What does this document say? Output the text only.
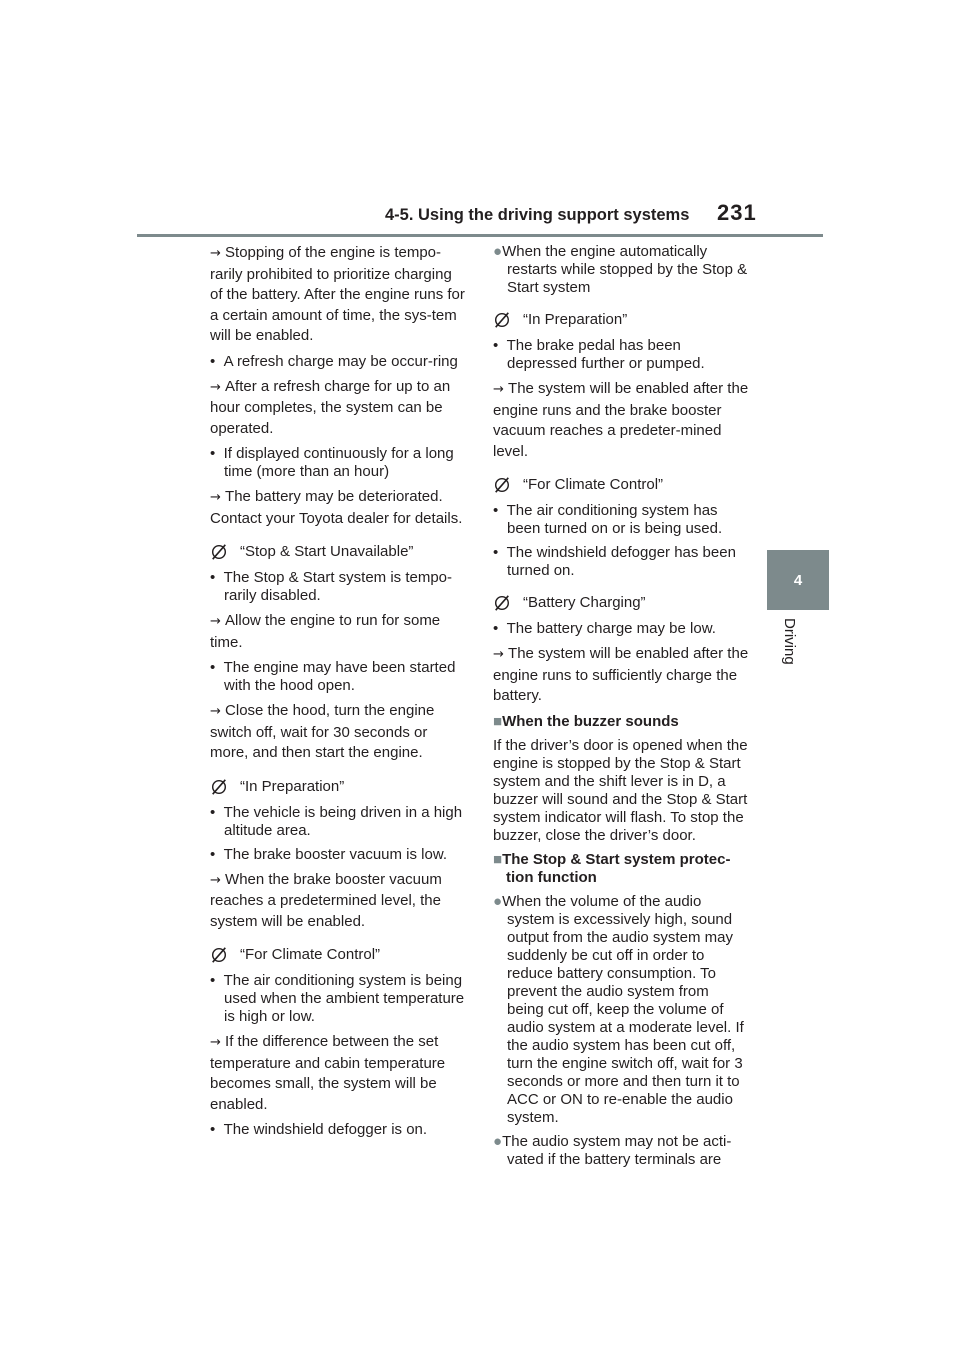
4-5. Using the driving support systems 231
4
Driving
→ Stopping of the engine is tempo-rarily prohibited to prioritize charging of the battery. After the engine runs for a certain amount of time, the sys-tem will be enabled.
•  A refresh charge may be occur-ring
→ After a refresh charge for up to an hour completes, the system can be operated.
•  If displayed continuously for a long time (more than an hour)
→ The battery may be deteriorated. Contact your Toyota dealer for details.
“Stop & Start Unavailable”
•  The Stop & Start system is tempo-rarily disabled.
→ Allow the engine to run for some time.
•  The engine may have been started with the hood open.
→ Close the hood, turn the engine switch off, wait for 30 seconds or more, and then start the engine.
“In Preparation”
•  The vehicle is being driven in a high altitude area.
•  The brake booster vacuum is low.
→ When the brake booster vacuum reaches a predetermined level, the system will be enabled.
“For Climate Control”
•  The air conditioning system is being used when the ambient temperature is high or low.
→ If the difference between the set temperature and cabin temperature becomes small, the system will be enabled.
•  The windshield defogger is on.
●When the engine automatically restarts while stopped by the Stop & Start system
“In Preparation”
•  The brake pedal has been depressed further or pumped.
→ The system will be enabled after the engine runs and the brake booster vacuum reaches a predeter-mined level.
“For Climate Control”
•  The air conditioning system has been turned on or is being used.
•  The windshield defogger has been turned on.
“Battery Charging”
•  The battery charge may be low.
→ The system will be enabled after the engine runs to sufficiently charge the battery.
■When the buzzer sounds
If the driver’s door is opened when the engine is stopped by the Stop & Start system and the shift lever is in D, a buzzer will sound and the Stop & Start system indicator will flash. To stop the buzzer, close the driver’s door.
■The Stop & Start system protec-tion function
●When the volume of the audio system is excessively high, sound output from the audio system may suddenly be cut off in order to reduce battery consumption. To prevent the audio system from being cut off, keep the volume of audio system at a moderate level. If the audio system has been cut off, turn the engine switch off, wait for 3 seconds or more and then turn it to ACC or ON to re-enable the audio system.
●The audio system may not be acti-vated if the battery terminals are
